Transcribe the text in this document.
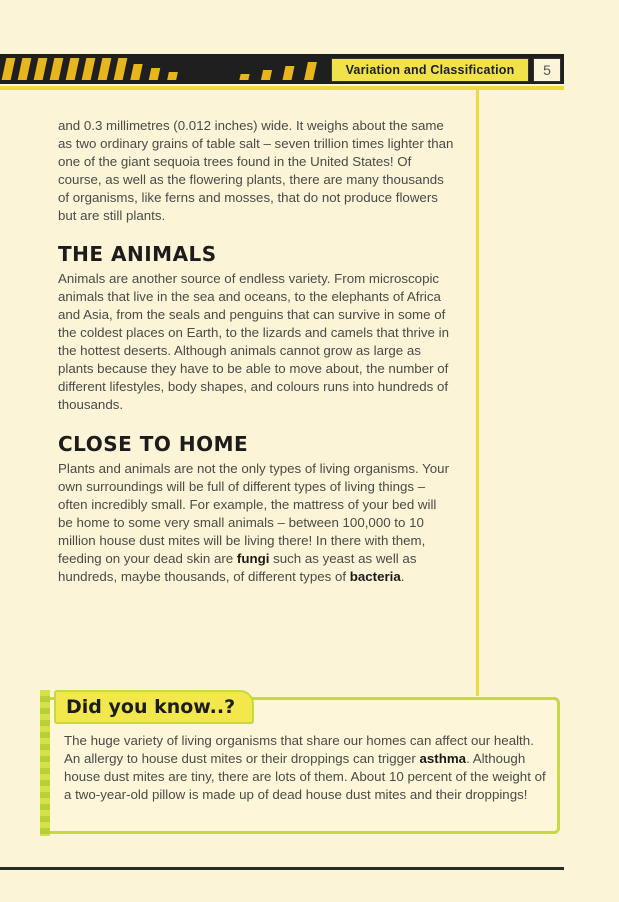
Variation and Classification	5

and 0.3 millimetres (0.012 inches) wide. It weighs about the same as two ordinary grains of table salt – seven trillion times lighter than one of the giant sequoia trees found in the United States! Of course, as well as the flowering plants, there are many thousands of organisms, like ferns and mosses, that do not produce flowers but are still plants.

THE ANIMALS

Animals are another source of endless variety. From microscopic animals that live in the sea and oceans, to the elephants of Africa and Asia, from the seals and penguins that can survive in some of the coldest places on Earth, to the lizards and camels that thrive in the hottest deserts. Although animals cannot grow as large as plants because they have to be able to move about, the number of different lifestyles, body shapes, and colours runs into hundreds of thousands.

CLOSE TO HOME

Plants and animals are not the only types of living organisms. Your own surroundings will be full of different types of living things – often incredibly small. For example, the mattress of your bed will be home to some very small animals – between 100,000 to 10 million house dust mites will be living there! In there with them, feeding on your dead skin are fungi such as yeast as well as hundreds, maybe thousands, of different types of bacteria.

Did you know..?

The huge variety of living organisms that share our homes can affect our health. An allergy to house dust mites or their droppings can trigger asthma. Although house dust mites are tiny, there are lots of them. About 10 percent of the weight of a two-year-old pillow is made up of dead house dust mites and their droppings!
